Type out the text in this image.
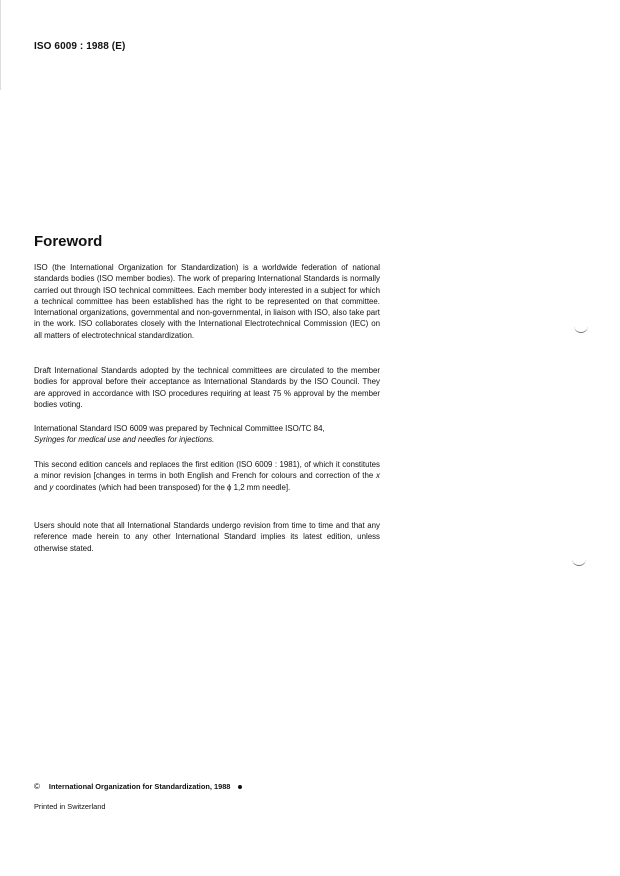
ISO 6009 : 1988 (E)
Foreword

ISO (the International Organization for Standardization) is a worldwide federation of national standards bodies (ISO member bodies). The work of preparing International Standards is normally carried out through ISO technical committees. Each member body interested in a subject for which a technical committee has been established has the right to be represented on that committee. International organizations, governmental and non-governmental, in liaison with ISO, also take part in the work. ISO collaborates closely with the International Electrotechnical Commission (IEC) on all matters of electrotechnical standardization.

Draft International Standards adopted by the technical committees are circulated to the member bodies for approval before their acceptance as International Standards by the ISO Council. They are approved in accordance with ISO procedures requiring at least 75 % approval by the member bodies voting.

International Standard ISO 6009 was prepared by Technical Committee ISO/TC 84,
Syringes for medical use and needles for injections.

This second edition cancels and replaces the first edition (ISO 6009 : 1981), of which it constitutes a minor revision [changes in terms in both English and French for colours and correction of the x and y coordinates (which had been transposed) for the ϕ 1,2 mm needle].

Users should note that all International Standards undergo revision from time to time and that any reference made herein to any other International Standard implies its latest edition, unless otherwise stated.

© International Organization for Standardization, 1988
Printed in Switzerland
